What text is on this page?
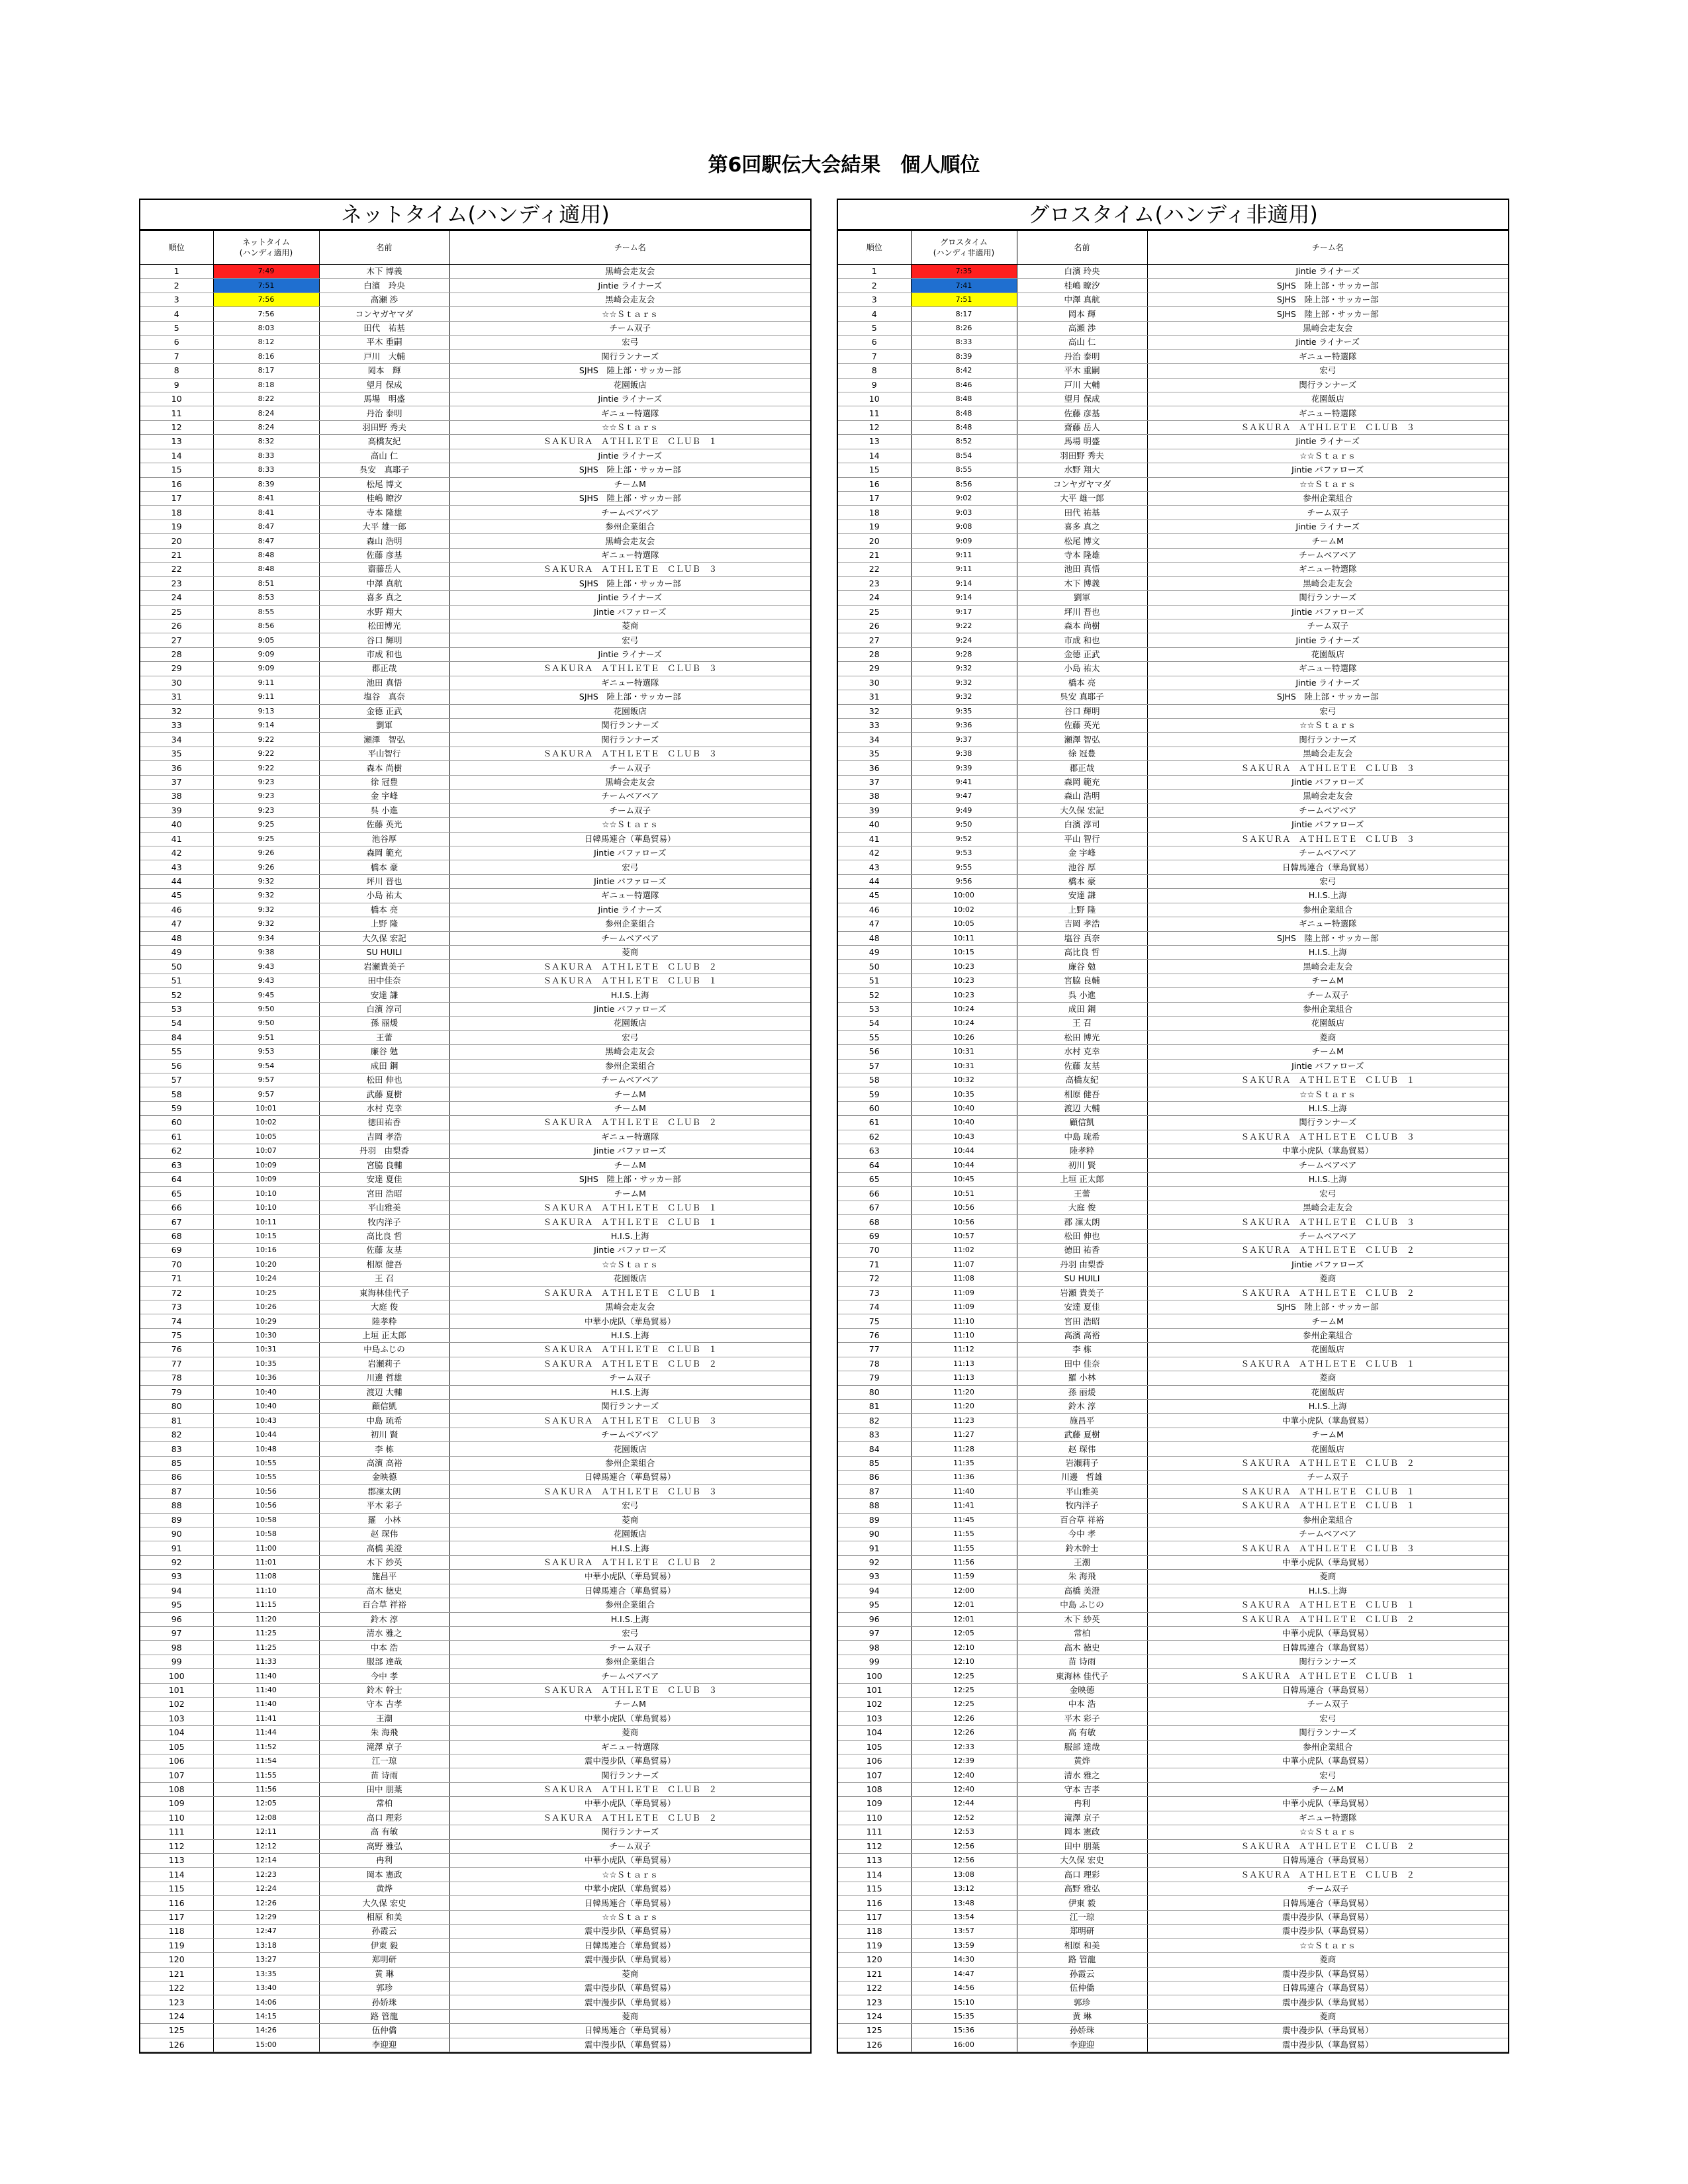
第6回駅伝大会結果　個人順位
ネットタイム(ハンディ適用)
順位	ネットタイム
(ハンディ適用)	名前	チーム名
1	7:49	木下 博義	黒崎会走友会
2	7:51	白濱　玲央	Jintie ライナーズ
3	7:56	高瀬 渉	黒崎会走友会
4	7:56	コンヤガヤマダ	☆☆Ｓｔａｒｓ
5	8:03	田代　祐基	チーム双子
6	8:12	平木 重嗣	宏弓
7	8:16	戸川　大輔	関行ランナーズ
8	8:17	岡本　輝	SJHS　陸上部・サッカー部
9	8:18	望月 保成	花園飯店
10	8:22	馬場　明盛	Jintie ライナーズ
11	8:24	丹治 泰明	ギニュー特選隊
12	8:24	羽田野 秀夫	☆☆Ｓｔａｒｓ
13	8:32	高橋友紀	ＳＡＫＵＲＡ　ＡＴＨＬＥＴＥ　ＣＬＵＢ　１
14	8:33	高山 仁	Jintie ライナーズ
15	8:33	呉安　真耶子	SJHS　陸上部・サッカー部
16	8:39	松尾 博文	チームM
17	8:41	桂嶋 瞭汐	SJHS　陸上部・サッカー部
18	8:41	寺本 隆雄	チームベアベア
19	8:47	大平 雄一郎	参州企業組合
20	8:47	森山 浩明	黒崎会走友会
21	8:48	佐藤 彦基	ギニュー特選隊
22	8:48	齋藤岳人	ＳＡＫＵＲＡ　ＡＴＨＬＥＴＥ　ＣＬＵＢ　３
23	8:51	中澤 真航	SJHS　陸上部・サッカー部
24	8:53	喜多 真之	Jintie ライナーズ
25	8:55	水野 翔大	Jintie バファローズ
26	8:56	松田博光	菱商
27	9:05	谷口 輝明	宏弓
28	9:09	市成 和也	Jintie ライナーズ
29	9:09	郡正哉	ＳＡＫＵＲＡ　ＡＴＨＬＥＴＥ　ＣＬＵＢ　３
30	9:11	池田 真悟	ギニュー特選隊
31	9:11	塩谷　真奈	SJHS　陸上部・サッカー部
32	9:13	金德 正武	花園飯店
33	9:14	劉軍	関行ランナーズ
34	9:22	瀬澤　智弘	関行ランナーズ
35	9:22	平山智行	ＳＡＫＵＲＡ　ＡＴＨＬＥＴＥ　ＣＬＵＢ　３
36	9:22	森本 尚樹	チーム双子
37	9:23	徐 冠豊	黒崎会走友会
38	9:23	金 宇峰	チームベアベア
39	9:23	呉 小進	チーム双子
40	9:25	佐藤 英光	☆☆Ｓｔａｒｓ
41	9:25	池谷厚	日韓馬連合（華島貿易）
42	9:26	森岡 範充	Jintie バファローズ
43	9:26	橋本 豪	宏弓
44	9:32	坪川 晋也	Jintie バファローズ
45	9:32	小島 祐太	ギニュー特選隊
46	9:32	橋本 亮	Jintie ライナーズ
47	9:32	上野 隆	参州企業組合
48	9:34	大久保 宏記	チームベアベア
49	9:38	SU HUILI	菱商
50	9:43	岩瀬貴美子	ＳＡＫＵＲＡ　ＡＴＨＬＥＴＥ　ＣＬＵＢ　２
51	9:43	田中佳奈	ＳＡＫＵＲＡ　ＡＴＨＬＥＴＥ　ＣＬＵＢ　１
52	9:45	安達 謙	H.I.S.上海
53	9:50	白濱 淳司	Jintie バファローズ
54	9:50	孫 丽煖	花園飯店
84	9:51	王蕾	宏弓
55	9:53	廉谷 勉	黒崎会走友会
56	9:54	成田 鋼	参州企業組合
57	9:57	松田 伸也	チームベアベア
58	9:57	武藤 夏樹	チームM
59	10:01	水村 克幸	チームM
60	10:02	徳田祐香	ＳＡＫＵＲＡ　ＡＴＨＬＥＴＥ　ＣＬＵＢ　２
61	10:05	吉岡 孝浩	ギニュー特選隊
62	10:07	丹羽　由梨香	Jintie バファローズ
63	10:09	宮脇 良輔	チームM
64	10:09	安達 夏佳	SJHS　陸上部・サッカー部
65	10:10	宮田 浩昭	チームM
66	10:10	平山雅美	ＳＡＫＵＲＡ　ＡＴＨＬＥＴＥ　ＣＬＵＢ　１
67	10:11	牧内洋子	ＳＡＫＵＲＡ　ＡＴＨＬＥＴＥ　ＣＬＵＢ　１
68	10:15	高比良 哲	H.I.S.上海
69	10:16	佐藤 友基	Jintie バファローズ
70	10:20	相原 健吾	☆☆Ｓｔａｒｓ
71	10:24	王 召	花園飯店
72	10:25	東海林佳代子	ＳＡＫＵＲＡ　ＡＴＨＬＥＴＥ　ＣＬＵＢ　１
73	10:26	大庭 俊	黒崎会走友会
74	10:29	陸孝粋	中華小虎队（華島貿易）
75	10:30	上垣 正太郎	H.I.S.上海
76	10:31	中島ふじの	ＳＡＫＵＲＡ　ＡＴＨＬＥＴＥ　ＣＬＵＢ　１
77	10:35	岩瀬莉子	ＳＡＫＵＲＡ　ＡＴＨＬＥＴＥ　ＣＬＵＢ　２
78	10:36	川邊 哲雄	チーム双子
79	10:40	渡辺 大輔	H.I.S.上海
80	10:40	顧信凱	関行ランナーズ
81	10:43	中島 琉希	ＳＡＫＵＲＡ　ＡＴＨＬＥＴＥ　ＣＬＵＢ　３
82	10:44	初川 賢	チームベアベア
83	10:48	李 栋	花園飯店
85	10:55	高濱 高裕	参州企業組合
86	10:55	金映德	日韓馬連合（華島貿易）
87	10:56	郡凜太朗	ＳＡＫＵＲＡ　ＡＴＨＬＥＴＥ　ＣＬＵＢ　３
88	10:56	平木 彩子	宏弓
89	10:58	羅　小林	菱商
90	10:58	赵 琛伟	花園飯店
91	11:00	高橋 美澄	H.I.S.上海
92	11:01	木下 紗英	ＳＡＫＵＲＡ　ＡＴＨＬＥＴＥ　ＣＬＵＢ　２
93	11:08	施昌平	中華小虎队（華島貿易）
94	11:10	高木 徳史	日韓馬連合（華島貿易）
95	11:15	百合草 祥裕	参州企業組合
96	11:20	鈴木 淳	H.I.S.上海
97	11:25	清水 雅之	宏弓
98	11:25	中本 浩	チーム双子
99	11:33	服部 達哉	参州企業組合
100	11:40	今中 孝	チームベアベア
101	11:40	鈴木 幹士	ＳＡＫＵＲＡ　ＡＴＨＬＥＴＥ　ＣＬＵＢ　３
102	11:40	守本 吉孝	チームM
103	11:41	王潮	中華小虎队（華島貿易）
104	11:44	朱 海飛	菱商
105	11:52	滝澤 京子	ギニュー特選隊
106	11:54	江一琼	震中漫步队（華島貿易）
107	11:55	苗 诗雨	関行ランナーズ
108	11:56	田中 朋葉	ＳＡＫＵＲＡ　ＡＴＨＬＥＴＥ　ＣＬＵＢ　２
109	12:05	常柏	中華小虎队（華島貿易）
110	12:08	高口 理彩	ＳＡＫＵＲＡ　ＡＴＨＬＥＴＥ　ＣＬＵＢ　２
111	12:11	高 有敏	関行ランナーズ
112	12:12	高野 雅弘	チーム双子
113	12:14	冉利	中華小虎队（華島貿易）
114	12:23	岡本 憲政	☆☆Ｓｔａｒｓ
115	12:24	黄烨	中華小虎队（華島貿易）
116	12:26	大久保 宏史	日韓馬連合（華島貿易）
117	12:29	相原 和美	☆☆Ｓｔａｒｓ
118	12:47	孙霞云	震中漫步队（華島貿易）
119	13:18	伊東 毅	日韓馬連合（華島貿易）
120	13:27	郑明研	震中漫步队（華島貿易）
121	13:35	黄 琳	菱商
122	13:40	郭珍	震中漫步队（華島貿易）
123	14:06	孙娇珠	震中漫步队（華島貿易）
124	14:15	路 管龍	菱商
125	14:26	伍仲僑	日韓馬連合（華島貿易）
126	15:00	李迎迎	震中漫步队（華島貿易）
グロスタイム(ハンディ非適用)
順位	グロスタイム
(ハンディ非適用)	名前	チーム名
1	7:35	白濱 玲央	Jintie ライナーズ
2	7:41	桂嶋 瞭汐	SJHS　陸上部・サッカー部
3	7:51	中澤 真航	SJHS　陸上部・サッカー部
4	8:17	岡本 輝	SJHS　陸上部・サッカー部
5	8:26	高瀬 渉	黒崎会走友会
6	8:33	高山 仁	Jintie ライナーズ
7	8:39	丹治 泰明	ギニュー特選隊
8	8:42	平木 重嗣	宏弓
9	8:46	戸川 大輔	関行ランナーズ
10	8:48	望月 保成	花園飯店
11	8:48	佐藤 彦基	ギニュー特選隊
12	8:48	齋藤 岳人	ＳＡＫＵＲＡ　ＡＴＨＬＥＴＥ　ＣＬＵＢ　３
13	8:52	馬場 明盛	Jintie ライナーズ
14	8:54	羽田野 秀夫	☆☆Ｓｔａｒｓ
15	8:55	水野 翔大	Jintie バファローズ
16	8:56	コンヤガヤマダ	☆☆Ｓｔａｒｓ
17	9:02	大平 雄一郎	参州企業組合
18	9:03	田代 祐基	チーム双子
19	9:08	喜多 真之	Jintie ライナーズ
20	9:09	松尾 博文	チームM
21	9:11	寺本 隆雄	チームベアベア
22	9:11	池田 真悟	ギニュー特選隊
23	9:14	木下 博義	黒崎会走友会
24	9:14	劉軍	関行ランナーズ
25	9:17	坪川 晋也	Jintie バファローズ
26	9:22	森本 尚樹	チーム双子
27	9:24	市成 和也	Jintie ライナーズ
28	9:28	金德 正武	花園飯店
29	9:32	小島 祐太	ギニュー特選隊
30	9:32	橋本 亮	Jintie ライナーズ
31	9:32	呉安 真耶子	SJHS　陸上部・サッカー部
32	9:35	谷口 輝明	宏弓
33	9:36	佐藤 英光	☆☆Ｓｔａｒｓ
34	9:37	瀬澤 智弘	関行ランナーズ
35	9:38	徐 冠豊	黒崎会走友会
36	9:39	郡正哉	ＳＡＫＵＲＡ　ＡＴＨＬＥＴＥ　ＣＬＵＢ　３
37	9:41	森岡 範充	Jintie バファローズ
38	9:47	森山 浩明	黒崎会走友会
39	9:49	大久保 宏記	チームベアベア
40	9:50	白濱 淳司	Jintie バファローズ
41	9:52	平山 智行	ＳＡＫＵＲＡ　ＡＴＨＬＥＴＥ　ＣＬＵＢ　３
42	9:53	金 宇峰	チームベアベア
43	9:55	池谷 厚	日韓馬連合（華島貿易）
44	9:56	橋本 豪	宏弓
45	10:00	安達 謙	H.I.S.上海
46	10:02	上野 隆	参州企業組合
47	10:05	吉岡 孝浩	ギニュー特選隊
48	10:11	塩谷 真奈	SJHS　陸上部・サッカー部
49	10:15	高比良 哲	H.I.S.上海
50	10:23	廉谷 勉	黒崎会走友会
51	10:23	宮脇 良輔	チームM
52	10:23	呉 小進	チーム双子
53	10:24	成田 鋼	参州企業組合
54	10:24	王 召	花園飯店
55	10:26	松田 博光	菱商
56	10:31	水村 克幸	チームM
57	10:31	佐藤 友基	Jintie バファローズ
58	10:32	高橋友紀	ＳＡＫＵＲＡ　ＡＴＨＬＥＴＥ　ＣＬＵＢ　１
59	10:35	相原 健吾	☆☆Ｓｔａｒｓ
60	10:40	渡辺 大輔	H.I.S.上海
61	10:40	顧信凱	関行ランナーズ
62	10:43	中島 琉希	ＳＡＫＵＲＡ　ＡＴＨＬＥＴＥ　ＣＬＵＢ　３
63	10:44	陸孝粋	中華小虎队（華島貿易）
64	10:44	初川 賢	チームベアベア
65	10:45	上垣 正太郎	H.I.S.上海
66	10:51	王蕾	宏弓
67	10:56	大庭 俊	黒崎会走友会
68	10:56	郡 凜太朗	ＳＡＫＵＲＡ　ＡＴＨＬＥＴＥ　ＣＬＵＢ　３
69	10:57	松田 伸也	チームベアベア
70	11:02	徳田 祐香	ＳＡＫＵＲＡ　ＡＴＨＬＥＴＥ　ＣＬＵＢ　２
71	11:07	丹羽 由梨香	Jintie バファローズ
72	11:08	SU HUILI	菱商
73	11:09	岩瀬 貴美子	ＳＡＫＵＲＡ　ＡＴＨＬＥＴＥ　ＣＬＵＢ　２
74	11:09	安達 夏佳	SJHS　陸上部・サッカー部
75	11:10	宮田 浩昭	チームM
76	11:10	高濱 高裕	参州企業組合
77	11:12	李 栋	花園飯店
78	11:13	田中 佳奈	ＳＡＫＵＲＡ　ＡＴＨＬＥＴＥ　ＣＬＵＢ　１
79	11:13	羅 小林	菱商
80	11:20	孫 丽煖	花園飯店
81	11:20	鈴木 淳	H.I.S.上海
82	11:23	施昌平	中華小虎队（華島貿易）
83	11:27	武藤 夏樹	チームM
84	11:28	赵 琛伟	花園飯店
85	11:35	岩瀬莉子	ＳＡＫＵＲＡ　ＡＴＨＬＥＴＥ　ＣＬＵＢ　２
86	11:36	川邊　哲雄	チーム双子
87	11:40	平山雅美	ＳＡＫＵＲＡ　ＡＴＨＬＥＴＥ　ＣＬＵＢ　１
88	11:41	牧内洋子	ＳＡＫＵＲＡ　ＡＴＨＬＥＴＥ　ＣＬＵＢ　１
89	11:45	百合草 祥裕	参州企業組合
90	11:55	今中 孝	チームベアベア
91	11:55	鈴木幹士	ＳＡＫＵＲＡ　ＡＴＨＬＥＴＥ　ＣＬＵＢ　３
92	11:56	王潮	中華小虎队（華島貿易）
93	11:59	朱 海飛	菱商
94	12:00	高橋 美澄	H.I.S.上海
95	12:01	中島 ふじの	ＳＡＫＵＲＡ　ＡＴＨＬＥＴＥ　ＣＬＵＢ　１
96	12:01	木下 紗英	ＳＡＫＵＲＡ　ＡＴＨＬＥＴＥ　ＣＬＵＢ　２
97	12:05	常柏	中華小虎队（華島貿易）
98	12:10	高木 徳史	日韓馬連合（華島貿易）
99	12:10	苗 诗雨	関行ランナーズ
100	12:25	東海林 佳代子	ＳＡＫＵＲＡ　ＡＴＨＬＥＴＥ　ＣＬＵＢ　１
101	12:25	金映德	日韓馬連合（華島貿易）
102	12:25	中本 浩	チーム双子
103	12:26	平木 彩子	宏弓
104	12:26	高 有敏	関行ランナーズ
105	12:33	服部 達哉	参州企業組合
106	12:39	黄烨	中華小虎队（華島貿易）
107	12:40	清水 雅之	宏弓
108	12:40	守本 吉孝	チームM
109	12:44	冉利	中華小虎队（華島貿易）
110	12:52	滝澤 京子	ギニュー特選隊
111	12:53	岡本 憲政	☆☆Ｓｔａｒｓ
112	12:56	田中 朋葉	ＳＡＫＵＲＡ　ＡＴＨＬＥＴＥ　ＣＬＵＢ　２
113	12:56	大久保 宏史	日韓馬連合（華島貿易）
114	13:08	高口 理彩	ＳＡＫＵＲＡ　ＡＴＨＬＥＴＥ　ＣＬＵＢ　２
115	13:12	高野 雅弘	チーム双子
116	13:48	伊東 毅	日韓馬連合（華島貿易）
117	13:54	江一琼	震中漫步队（華島貿易）
118	13:57	郑明研	震中漫步队（華島貿易）
119	13:59	相原 和美	☆☆Ｓｔａｒｓ
120	14:30	路 管龍	菱商
121	14:47	孙霞云	震中漫步队（華島貿易）
122	14:56	伍仲僑	日韓馬連合（華島貿易）
123	15:10	郭珍	震中漫步队（華島貿易）
124	15:35	黄 琳	菱商
125	15:36	孙娇珠	震中漫步队（華島貿易）
126	16:00	李迎迎	震中漫步队（華島貿易）
